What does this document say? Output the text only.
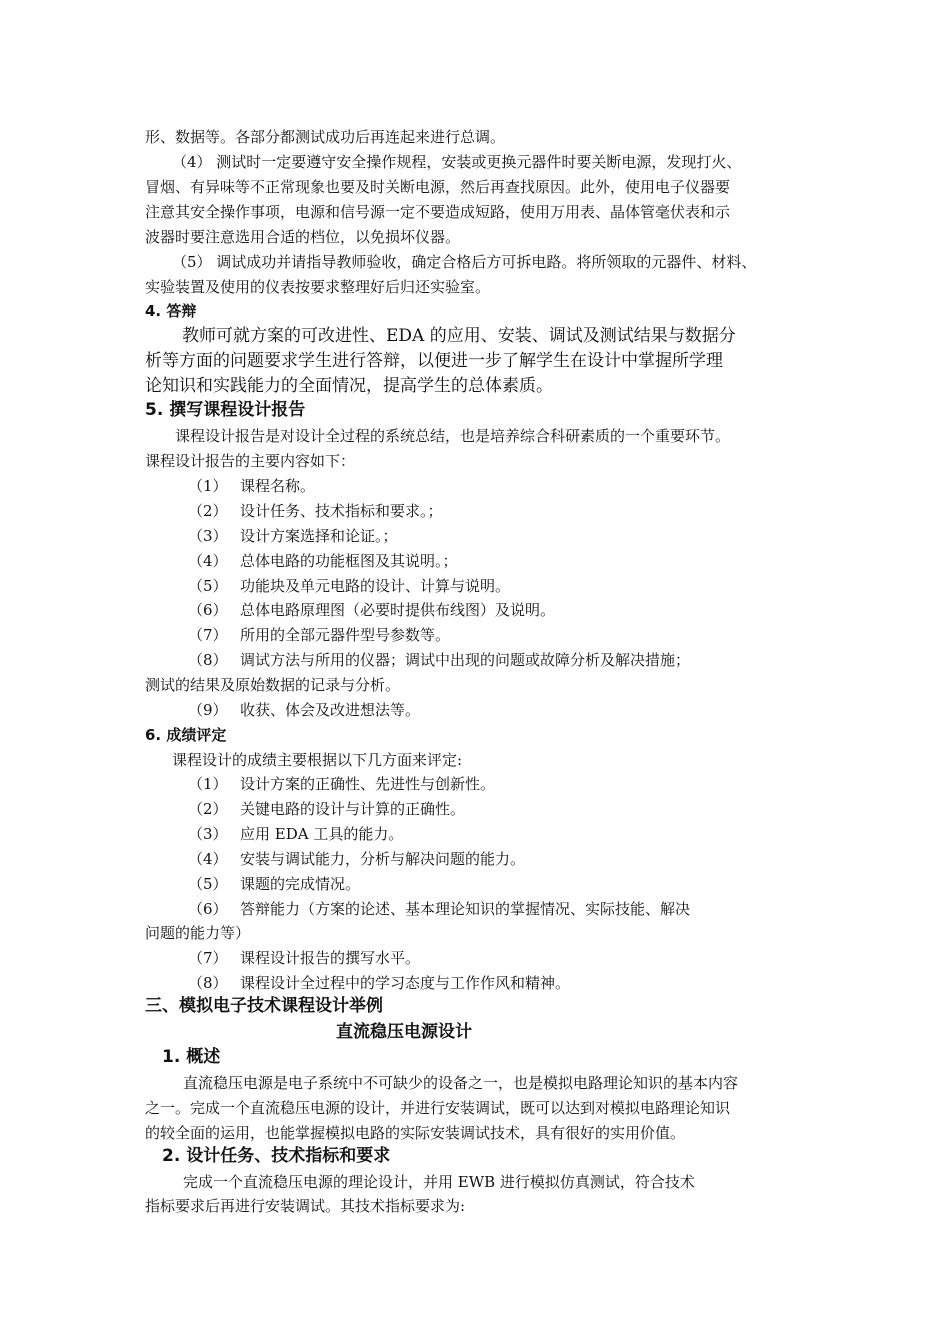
形、数据等。各部分都测试成功后再连起来进行总调。
（4） 测试时一定要遵守安全操作规程，安装或更换元器件时要关断电源，发现打火、
冒烟、有异味等不正常现象也要及时关断电源，然后再查找原因。此外，使用电子仪器要
注意其安全操作事项，电源和信号源一定不要造成短路，使用万用表、晶体管毫伏表和示
波器时要注意选用合适的档位，以免损坏仪器。
（5） 调试成功并请指导教师验收，确定合格后方可拆电路。将所领取的元器件、材料、
实验装置及使用的仪表按要求整理好后归还实验室。
4. 答辩
教师可就方案的可改进性、EDA 的应用、安装、调试及测试结果与数据分
析等方面的问题要求学生进行答辩，以便进一步了解学生在设计中掌握所学理
论知识和实践能力的全面情况，提高学生的总体素质。
5. 撰写课程设计报告
课程设计报告是对设计全过程的系统总结，也是培养综合科研素质的一个重要环节。
课程设计报告的主要内容如下：
（1） 课程名称。
（2） 设计任务、技术指标和要求。；
（3） 设计方案选择和论证。；
（4） 总体电路的功能框图及其说明。；
（5） 功能块及单元电路的设计、计算与说明。
（6） 总体电路原理图（必要时提供布线图）及说明。
（7） 所用的全部元器件型号参数等。
（8） 调试方法与所用的仪器；调试中出现的问题或故障分析及解决措施；
测试的结果及原始数据的记录与分析。
（9） 收获、体会及改进想法等。
6. 成绩评定
课程设计的成绩主要根据以下几方面来评定:
（1） 设计方案的正确性、先进性与创新性。
（2） 关键电路的设计与计算的正确性。
（3） 应用 EDA 工具的能力。
（4） 安装与调试能力，分析与解决问题的能力。
（5） 课题的完成情况。
（6） 答辩能力（方案的论述、基本理论知识的掌握情况、实际技能、解决
问题的能力等）
（7） 课程设计报告的撰写水平。
（8） 课程设计全过程中的学习态度与工作作风和精神。
三、模拟电子技术课程设计举例
直流稳压电源设计
1. 概述
直流稳压电源是电子系统中不可缺少的设备之一，也是模拟电路理论知识的基本内容
之一。完成一个直流稳压电源的设计，并进行安装调试，既可以达到对模拟电路理论知识
的较全面的运用，也能掌握模拟电路的实际安装调试技术，具有很好的实用价值。
2. 设计任务、技术指标和要求
完成一个直流稳压电源的理论设计，并用 EWB 进行模拟仿真测试，符合技术
指标要求后再进行安装调试。其技术指标要求为:
